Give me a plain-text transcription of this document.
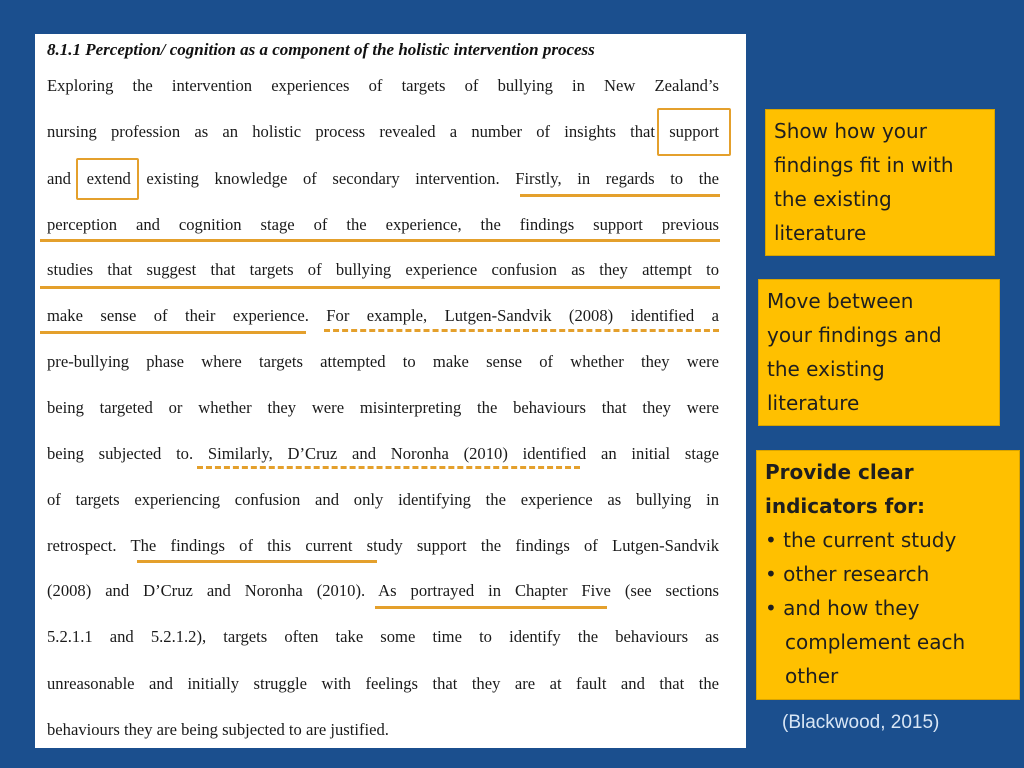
8.1.1 Perception/ cognition as a component of the holistic intervention process
Exploring the intervention experiences of targets of bullying in New Zealand’s
nursing profession as an holistic process revealed a number of insights that support
and extend existing knowledge of secondary intervention. Firstly, in regards to the
perception and cognition stage of the experience, the findings support previous
studies that suggest that targets of bullying experience confusion as they attempt to
make sense of their experience. For example, Lutgen-Sandvik (2008) identified a
pre-bullying phase where targets attempted to make sense of whether they were
being targeted or whether they were misinterpreting the behaviours that they were
being subjected to. Similarly, D’Cruz and Noronha (2010) identified an initial stage
of targets experiencing confusion and only identifying the experience as bullying in
retrospect. The findings of this current study support the findings of Lutgen-Sandvik
(2008) and D’Cruz and Noronha (2010). As portrayed in Chapter Five (see sections
5.2.1.1 and 5.2.1.2), targets often take some time to identify the behaviours as
unreasonable and initially struggle with feelings that they are at fault and that the
behaviours they are being subjected to are justified.
Show how your
findings fit in with
the existing
literature
Move between
your findings and
the existing
literature
Provide clear
indicators for:
• the current study
• other research
• and how they
complement each
other
(Blackwood, 2015)
